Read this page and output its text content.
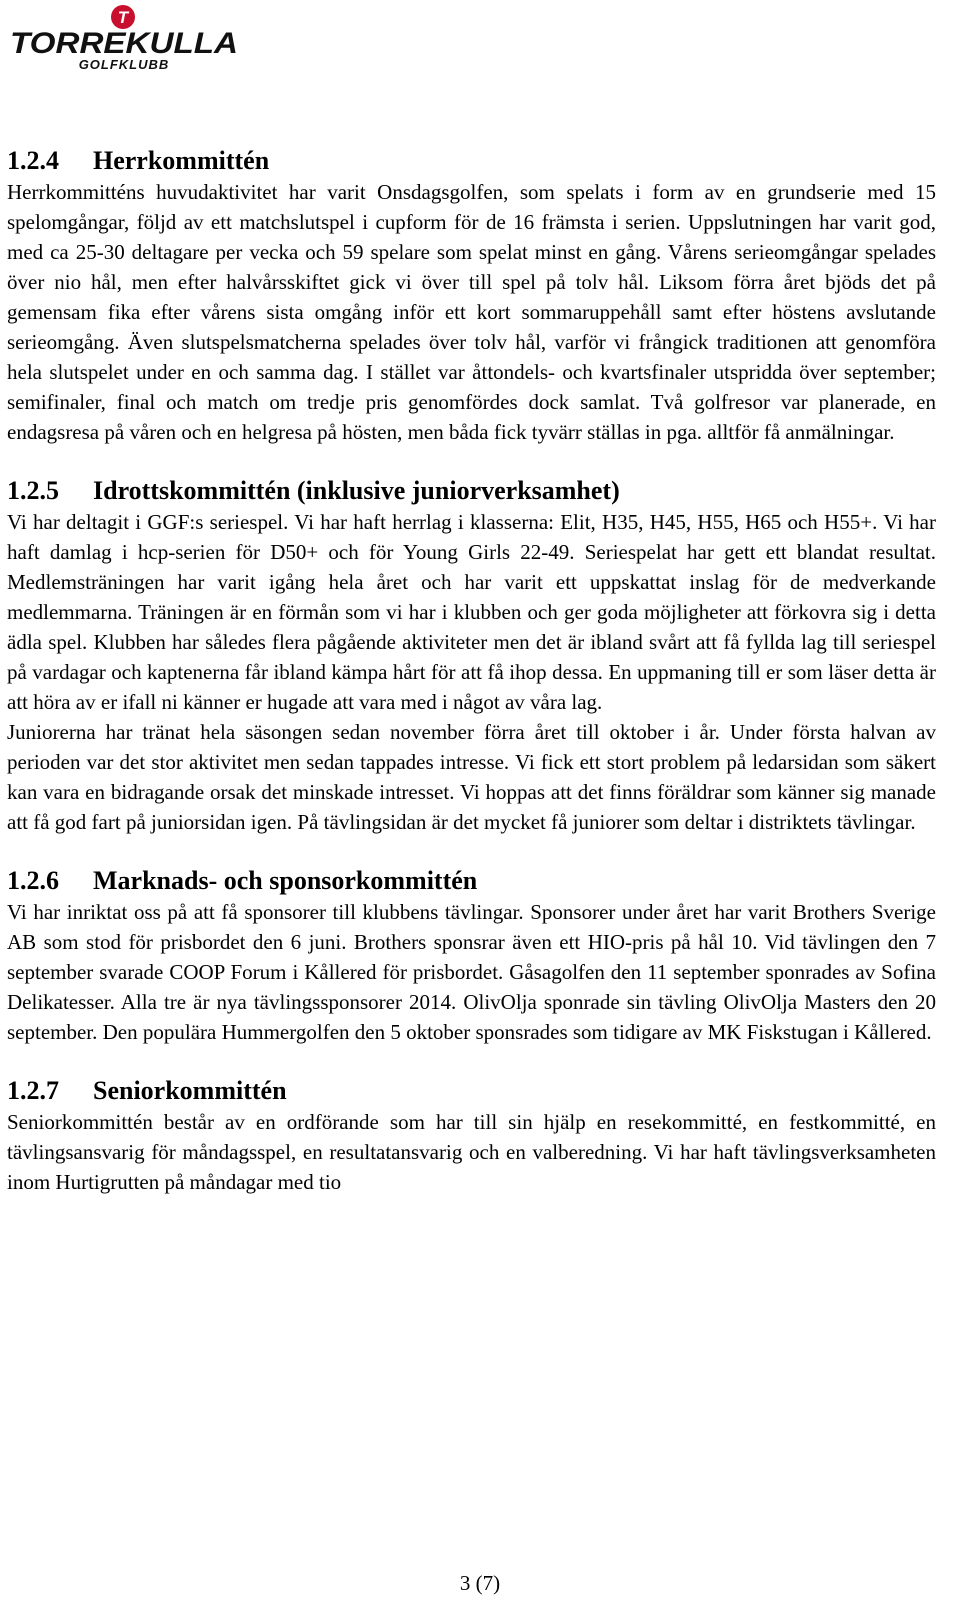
T
TORREKULLA
GOLFKLUBB
1.2.4	Herrkommittén

Herrkommitténs huvudaktivitet har varit Onsdagsgolfen, som spelats i form av en grundserie med 15 spelomgångar, följd av ett matchslutspel i cupform för de 16 främsta i serien. Uppslutningen har varit god, med ca 25-30 deltagare per vecka och 59 spelare som spelat minst en gång. Vårens serieomgångar spelades över nio hål, men efter halvårsskiftet gick vi över till spel på tolv hål. Liksom förra året bjöds det på gemensam fika efter vårens sista omgång inför ett kort sommaruppehåll samt efter höstens avslutande serieomgång. Även slutspelsmatcherna spelades över tolv hål, varför vi frångick traditionen att genomföra hela slutspelet under en och samma dag. I stället var åttondels- och kvartsfinaler utspridda över september; semifinaler, final och match om tredje pris genomfördes dock samlat. Två golfresor var planerade, en endagsresa på våren och en helgresa på hösten, men båda fick tyvärr ställas in pga. alltför få anmälningar.

1.2.5	Idrottskommittén (inklusive juniorverksamhet)

Vi har deltagit i GGF:s seriespel. Vi har haft herrlag i klasserna: Elit, H35, H45, H55, H65 och H55+. Vi har haft damlag i hcp-serien för D50+ och för Young Girls 22-49. Seriespelat har gett ett blandat resultat. Medlemsträningen har varit igång hela året och har varit ett uppskattat inslag för de medverkande medlemmarna. Träningen är en förmån som vi har i klubben och ger goda möjligheter att förkovra sig i detta ädla spel. Klubben har således flera pågående aktiviteter men det är ibland svårt att få fyllda lag till seriespel på vardagar och kaptenerna får ibland kämpa hårt för att få ihop dessa. En uppmaning till er som läser detta är att höra av er ifall ni känner er hugade att vara med i något av våra lag.

Juniorerna har tränat hela säsongen sedan november förra året till oktober i år. Under första halvan av perioden var det stor aktivitet men sedan tappades intresse. Vi fick ett stort problem på ledarsidan som säkert kan vara en bidragande orsak det minskade intresset. Vi hoppas att det finns föräldrar som känner sig manade att få god fart på juniorsidan igen. På tävlingsidan är det mycket få juniorer som deltar i distriktets tävlingar.

1.2.6	Marknads- och sponsorkommittén

Vi har inriktat oss på att få sponsorer till klubbens tävlingar. Sponsorer under året har varit Brothers Sverige AB som stod för prisbordet den 6 juni. Brothers sponsrar även ett HIO-pris på hål 10. Vid tävlingen den 7 september svarade COOP Forum i Kållered för prisbordet. Gåsagolfen den 11 september sponrades av Sofina Delikatesser. Alla tre är nya tävlingssponsorer 2014. OlivOlja sponrade sin tävling OlivOlja Masters den 20 september. Den populära Hummergolfen den 5 oktober sponsrades som tidigare av MK Fiskstugan i Kållered.

1.2.7	Seniorkommittén

Seniorkommittén består av en ordförande som har till sin hjälp en resekommitté, en festkommitté, en tävlingsansvarig för måndagsspel, en resultatansvarig och en valberedning. Vi har haft tävlingsverksamheten inom Hurtigrutten på måndagar med tio

3 (7)
